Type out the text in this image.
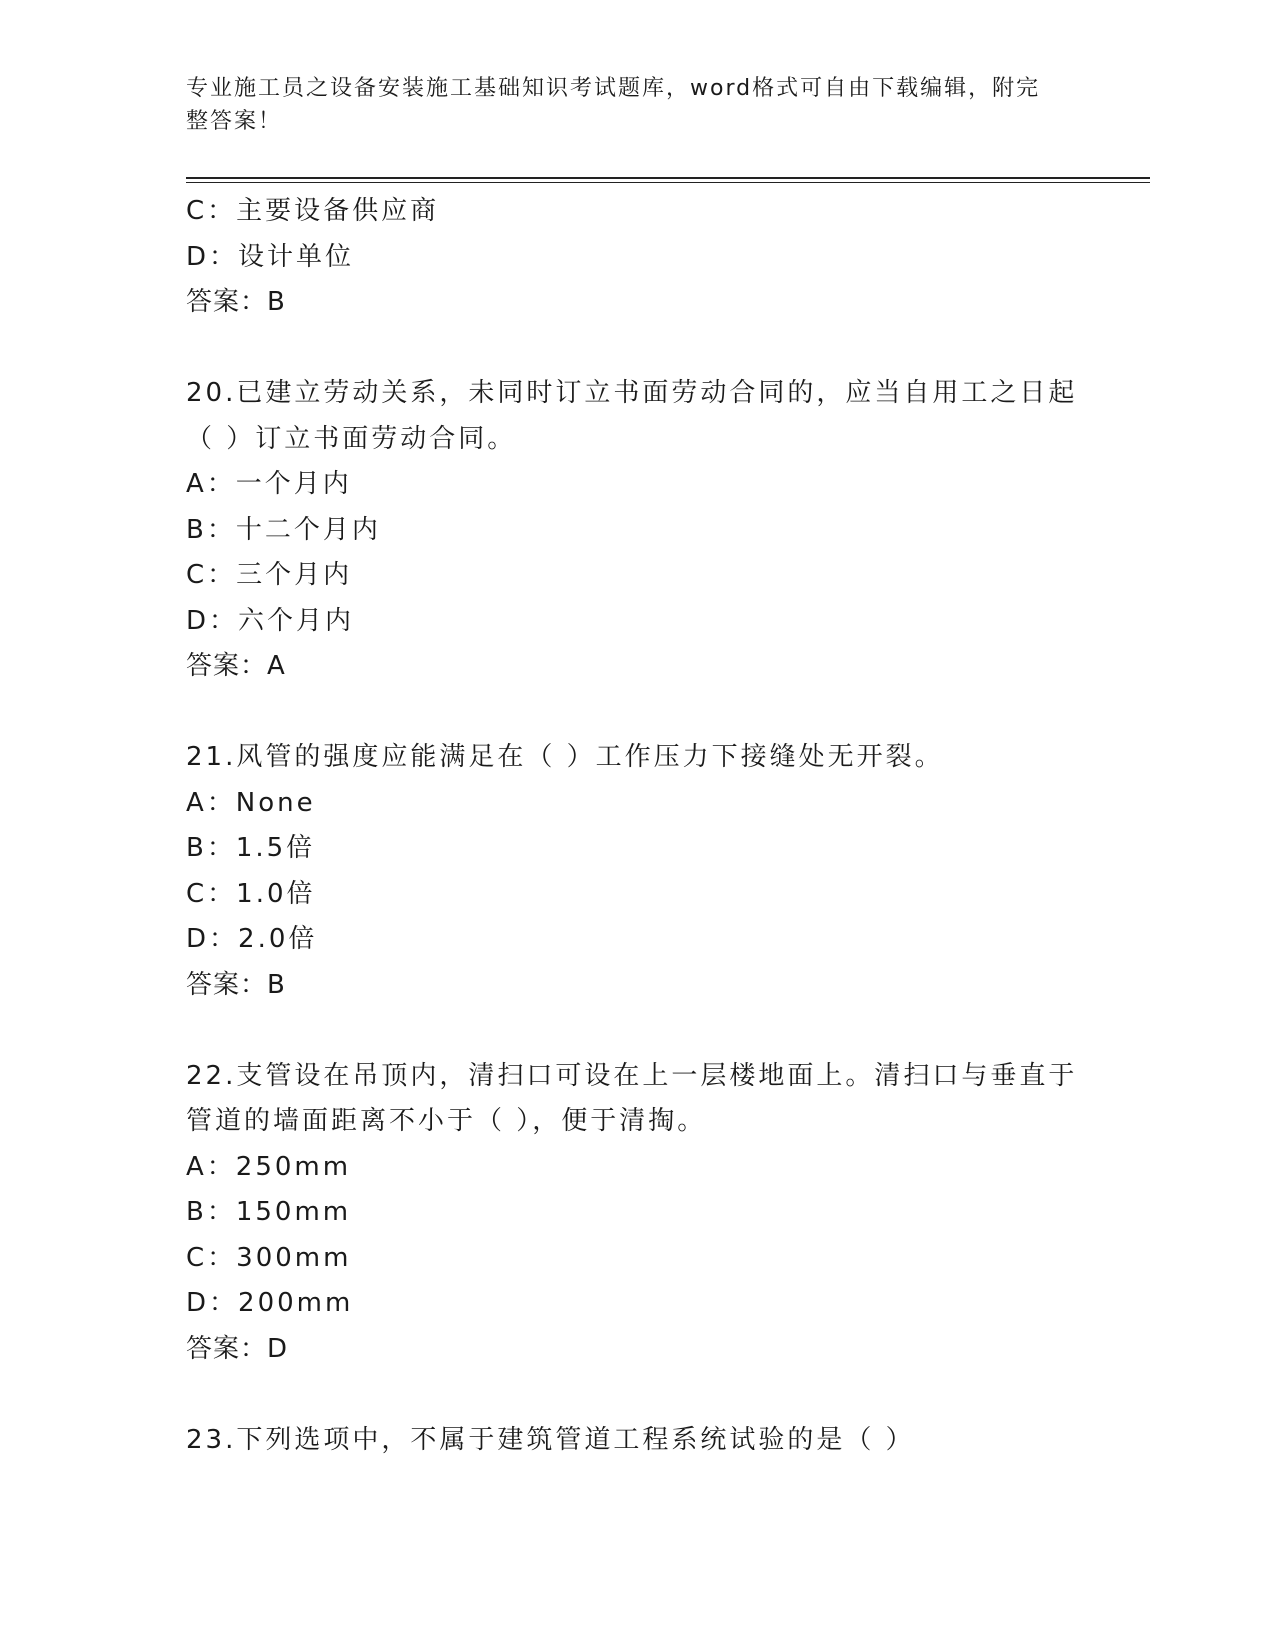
专业施工员之设备安装施工基础知识考试题库，word格式可自由下载编辑，附完
整答案！
C：主要设备供应商
D：设计单位
答案：B
20.已建立劳动关系，未同时订立书面劳动合同的，应当自用工之日起
（ ）订立书面劳动合同。
A：一个月内
B：十二个月内
C：三个月内
D：六个月内
答案：A
21.风管的强度应能满足在（ ）工作压力下接缝处无开裂。
A：None
B：1.5倍
C：1.0倍
D：2.0倍
答案：B
22.支管设在吊顶内，清扫口可设在上一层楼地面上。清扫口与垂直于
管道的墙面距离不小于（ ），便于清掏。
A：250mm
B：150mm
C：300mm
D：200mm
答案：D
23.下列选项中，不属于建筑管道工程系统试验的是（ ）
